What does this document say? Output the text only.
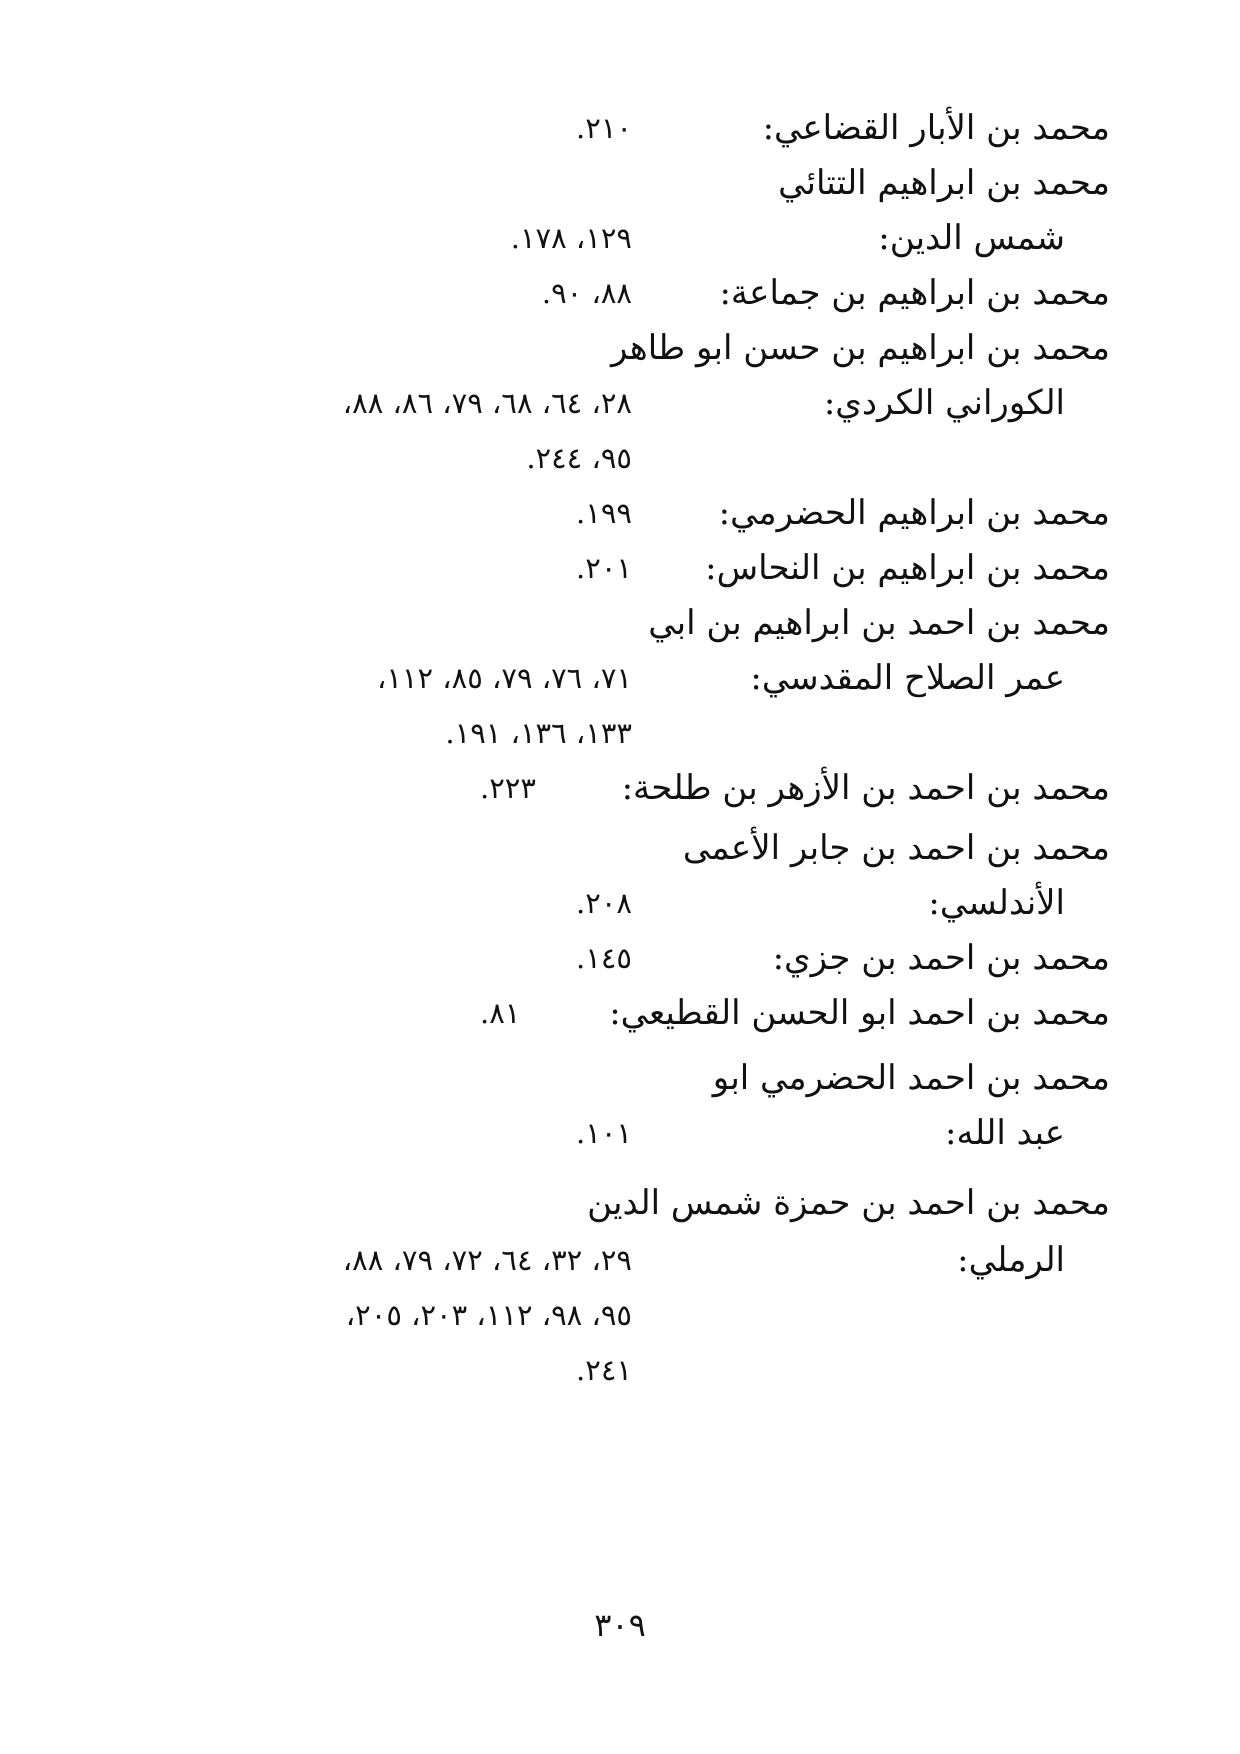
محمد بن الأبار القضاعي:
٢١٠.
محمد بن ابراهيم التتائي
شمس الدين:
١٢٩، ١٧٨.
محمد بن ابراهيم بن جماعة:
٨٨، ٩٠.
محمد بن ابراهيم بن حسن ابو طاهر
الكوراني الكردي:
٢٨، ٦٤، ٦٨، ٧٩، ٨٦، ٨٨،
٩٥، ٢٤٤.
محمد بن ابراهيم الحضرمي:
١٩٩.
محمد بن ابراهيم بن النحاس:
٢٠١.
محمد بن احمد بن ابراهيم بن ابي
عمر الصلاح المقدسي:
٧١، ٧٦، ٧٩، ٨٥، ١١٢،
١٣٣، ١٣٦، ١٩١.
محمد بن احمد بن الأزهر بن طلحة:
٢٢٣.
محمد بن احمد بن جابر الأعمى
الأندلسي:
٢٠٨.
محمد بن احمد بن جزي:
١٤٥.
محمد بن احمد ابو الحسن القطيعي:
٨١.
محمد بن احمد الحضرمي ابو
عبد الله:
١٠١.
محمد بن احمد بن حمزة شمس الدين
الرملي:
٢٩، ٣٢، ٦٤، ٧٢، ٧٩، ٨٨،
٩٥، ٩٨، ١١٢، ٢٠٣، ٢٠٥،
٢٤١.
٣٠٩
